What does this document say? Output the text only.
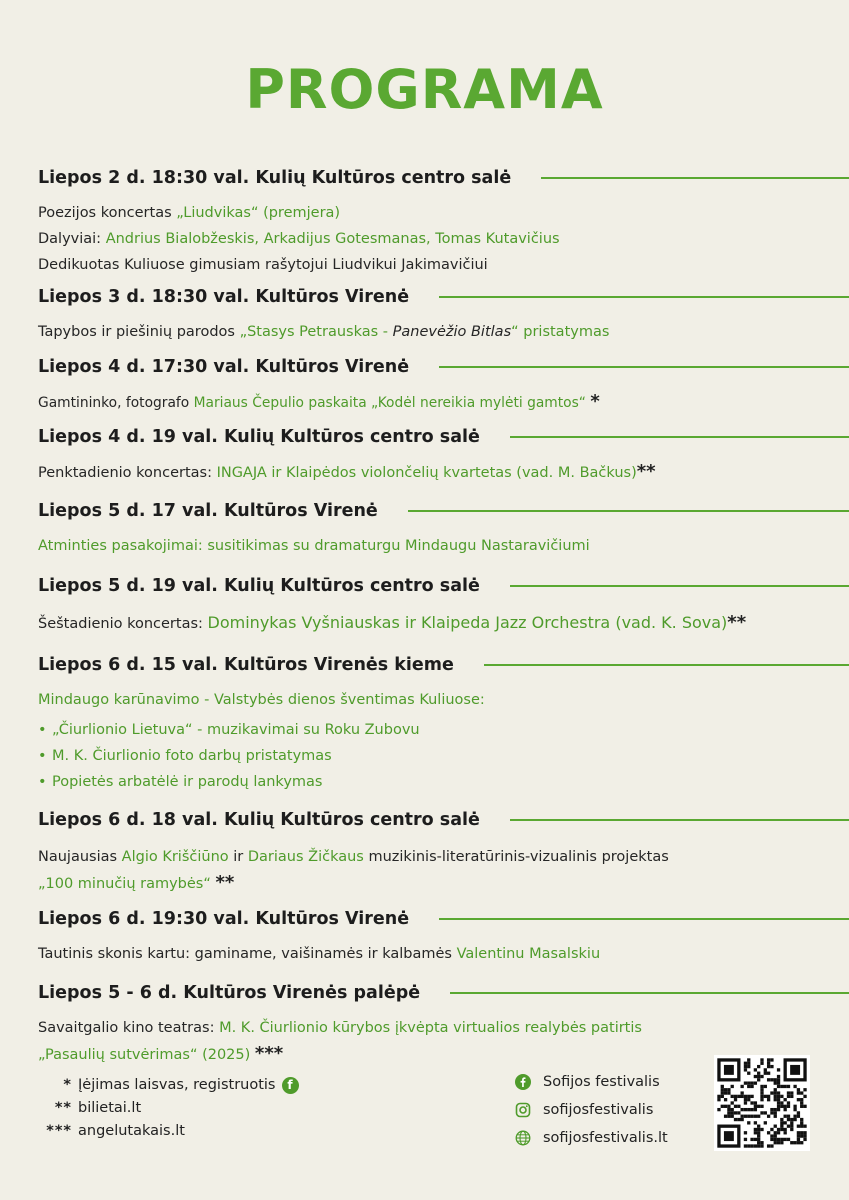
PROGRAMA
Liepos 2 d. 18:30 val. Kulių Kultūros centro salė
Poezijos koncertas „Liudvikas“ (premjera)
Dalyviai: Andrius Bialobžeskis, Arkadijus Gotesmanas, Tomas Kutavičius
Dedikuotas Kuliuose gimusiam rašytojui Liudvikui Jakimavičiui
Liepos 3 d. 18:30 val. Kultūros Virenė
Tapybos ir piešinių parodos „Stasys Petrauskas - Panevėžio Bitlas“ pristatymas
Liepos 4 d. 17:30 val. Kultūros Virenė
Gamtininko, fotografo Mariaus Čepulio paskaita „Kodėl nereikia mylėti gamtos“ *
Liepos 4 d. 19 val. Kulių Kultūros centro salė
Penktadienio koncertas: INGAJA ir Klaipėdos violončelių kvartetas (vad. M. Bačkus)**
Liepos 5 d. 17 val. Kultūros Virenė
Atminties pasakojimai: susitikimas su dramaturgu Mindaugu Nastaravičiumi
Liepos 5 d. 19 val. Kulių Kultūros centro salė
Šeštadienio koncertas: Dominykas Vyšniauskas ir Klaipeda Jazz Orchestra (vad. K. Sova)**
Liepos 6 d. 15 val. Kultūros Virenės kieme
Mindaugo karūnavimo - Valstybės dienos šventimas Kuliuose:
• „Čiurlionio Lietuva“ - muzikavimai su Roku Zubovu
• M. K. Čiurlionio foto darbų pristatymas
• Popietės arbatėlė ir parodų lankymas
Liepos 6 d. 18 val. Kulių Kultūros centro salė
Naujausias Algio Kriščiūno ir Dariaus Žičkaus muzikinis-literatūrinis-vizualinis projektas
„100 minučių ramybės“ **
Liepos 6 d. 19:30 val. Kultūros Virenė
Tautinis skonis kartu: gaminame, vaišinamės ir kalbamės Valentinu Masalskiu
Liepos 5 - 6 d. Kultūros Virenės palėpė
Savaitgalio kino teatras: M. K. Čiurlionio kūrybos įkvėpta virtualios realybės patirtis
„Pasaulių sutvėrimas“ (2025) ***
* Įėjimas laisvas, registruotis f
** bilietai.lt
*** angelutakais.lt
Sofijos festivalis
sofijosfestivalis
sofijosfestivalis.lt
